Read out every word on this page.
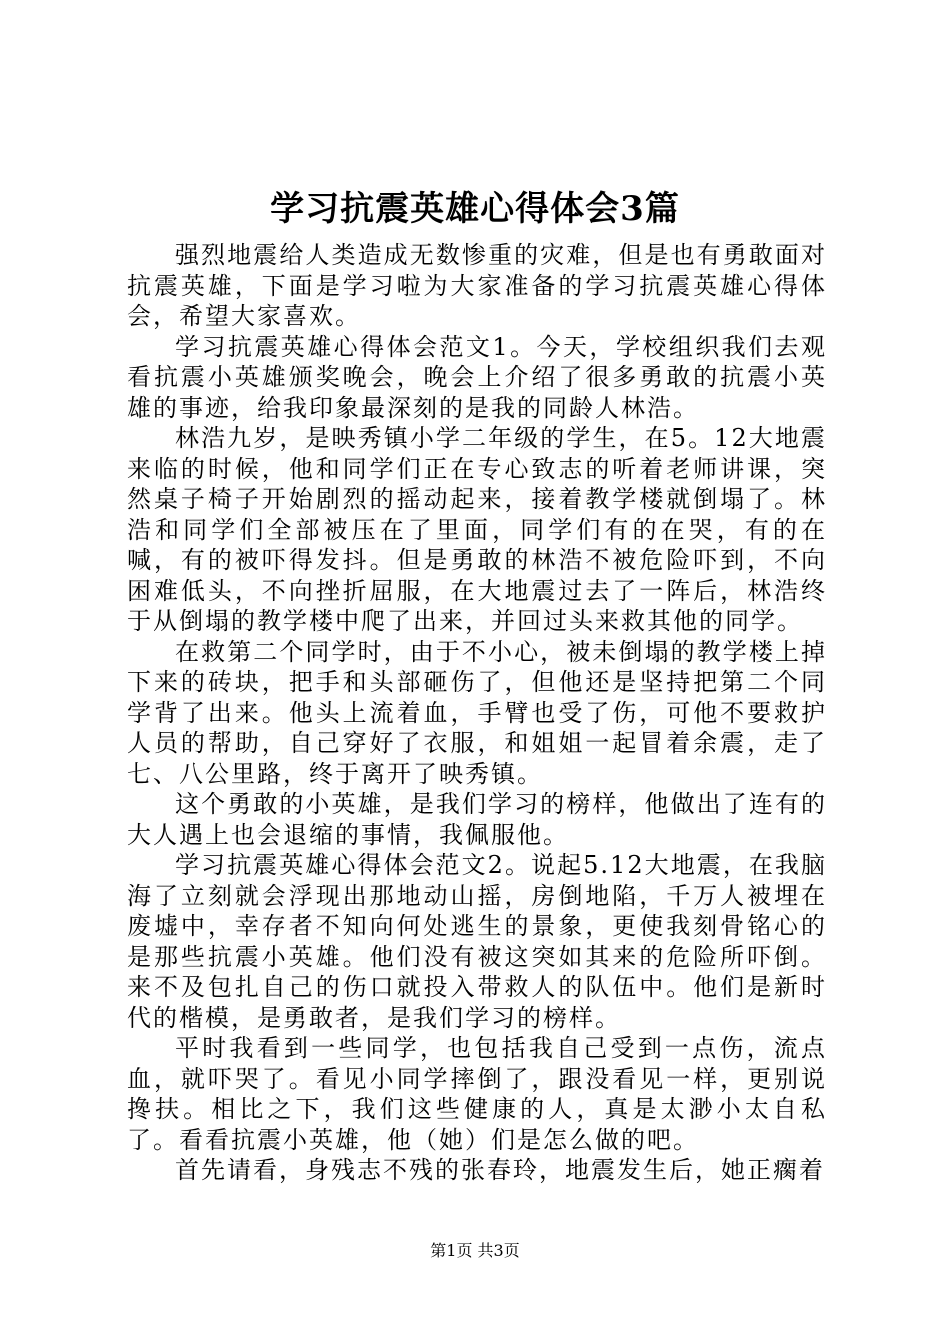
学习抗震英雄心得体会3篇

强烈地震给人类造成无数惨重的灾难，但是也有勇敢面对抗震英雄，下面是学习啦为大家准备的学习抗震英雄心得体会，希望大家喜欢。

学习抗震英雄心得体会范文1。今天，学校组织我们去观看抗震小英雄颁奖晚会，晚会上介绍了很多勇敢的抗震小英雄的事迹，给我印象最深刻的是我的同龄人林浩。

林浩九岁，是映秀镇小学二年级的学生，在5。12大地震来临的时候，他和同学们正在专心致志的听着老师讲课，突然桌子椅子开始剧烈的摇动起来，接着教学楼就倒塌了。林浩和同学们全部被压在了里面，同学们有的在哭，有的在喊，有的被吓得发抖。但是勇敢的林浩不被危险吓到，不向困难低头，不向挫折屈服，在大地震过去了一阵后，林浩终于从倒塌的教学楼中爬了出来，并回过头来救其他的同学。

在救第二个同学时，由于不小心，被未倒塌的教学楼上掉下来的砖块，把手和头部砸伤了，但他还是坚持把第二个同学背了出来。他头上流着血，手臂也受了伤，可他不要救护人员的帮助，自己穿好了衣服，和姐姐一起冒着余震，走了七、八公里路，终于离开了映秀镇。

这个勇敢的小英雄，是我们学习的榜样，他做出了连有的大人遇上也会退缩的事情，我佩服他。

学习抗震英雄心得体会范文2。说起5.12大地震，在我脑海了立刻就会浮现出那地动山摇，房倒地陷，千万人被埋在废墟中，幸存者不知向何处逃生的景象，更使我刻骨铭心的是那些抗震小英雄。他们没有被这突如其来的危险所吓倒。来不及包扎自己的伤口就投入带救人的队伍中。他们是新时代的楷模，是勇敢者，是我们学习的榜样。

平时我看到一些同学，也包括我自己受到一点伤，流点血，就吓哭了。看见小同学摔倒了，跟没看见一样，更别说搀扶。相比之下，我们这些健康的人，真是太渺小太自私了。看看抗震小英雄，他（她）们是怎么做的吧。

首先请看，身残志不残的张春玲，地震发生后，她正瘸着

第1页 共3页
